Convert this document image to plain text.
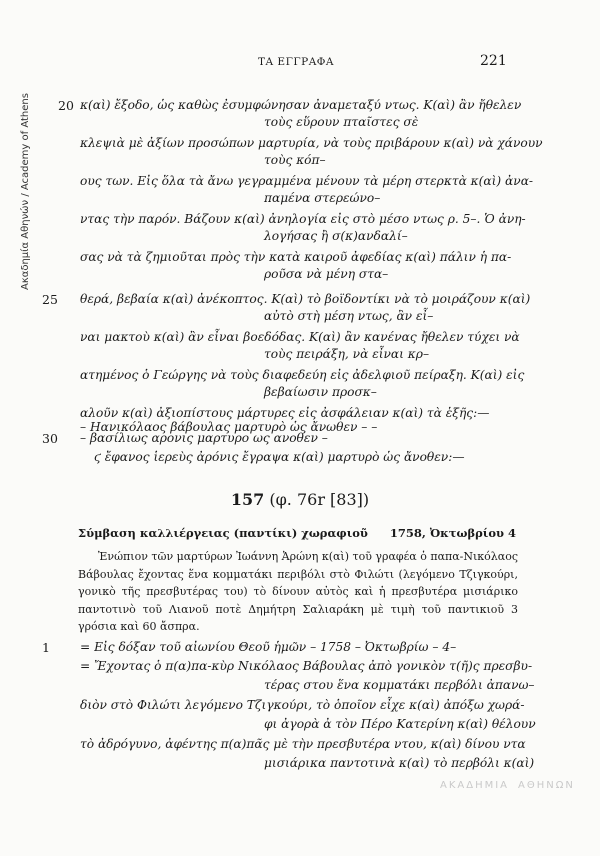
Ακαδημία Αθηνών / Academy of Athens
ΤΑ ΕΓΓΡΑΦΑ	221
20
25
30
κ(αὶ) ἔξοδο, ὡς καθὼς ἐσυμφώνησαν ἀναμεταξύ ντως. Κ(αὶ) ἂν ἤθελεν
τοὺς εὕρουν πταῖστες σὲ
κλεψιὰ μὲ ἀξίων προσώπων μαρτυρία, νὰ τοὺς πριβάρουν κ(αὶ) νὰ χάνουν
τοὺς κόπ–
ους των. Εἰς ὅλα τὰ ἄνω γεγραμμένα μένουν τὰ μέρη στερκτὰ κ(αὶ) ἀνα-
παμένα στερεώνο–
ντας τὴν παρόν. Βάζουν κ(αὶ) ἀνηλογία εἰς στὸ μέσο ντως ρ. 5–. Ὁ ἀνη-
λογήσας ἢ σ(κ)ανδαλί–
σας νὰ τὰ ζημιοῦται πρὸς τὴν κατὰ καιροῦ ἀφεδίας κ(αὶ) πάλιν ἡ πα-
ροῦσα νὰ μένη στα–
θερά, βεβαία κ(αὶ) ἀνέκοπτος. Κ(αὶ) τὸ βοϊδοντίκι νὰ τὸ μοιράζουν κ(αὶ)
αὐτὸ στὴ μέση ντως, ἂν εἶ–
ναι μακτοὺ κ(αὶ) ἂν εἶναι βοεδόδας. Κ(αὶ) ἂν κανένας ἤθελεν τύχει νὰ
τοὺς πειράξη, νὰ εἶναι κρ–
ατημένος ὁ Γεώργης νὰ τοὺς διαφεδεύη εἰς ἀδελφιοῦ πείραξη. Κ(αὶ) εἰς
βεβαίωσιν προσκ–
αλοῦν κ(αὶ) ἀξιοπίστους μάρτυρες εἰς ἀσφάλειαν κ(αὶ) τὰ ἑξῆς:—
– Ηανικόλαος βάβουλας μαρτυρὸ ὡς ἄνωθεν – –
– βασίλιως αρονις μαρτυρο ως ανοθεν –
ϛ ἔφανος ἱερεὺς ἀρόνις ἔγραψα κ(αὶ) μαρτυρὸ ὡς ἄνοθεν:—
157 (φ. 76r [83])
Σύμβαση καλλιέργειας (παντίκι) χωραφιοῦ 1758, Ὀκτωβρίου 4
Ἐνώπιον τῶν μαρτύρων Ἰωάννη Ἀρώνη κ(αὶ) τοῦ γραφέα ὁ παπα-Νικόλαος Βάβουλας ἔχοντας ἕνα κομματάκι περιβόλι στὸ Φιλώτι (λεγόμενο Τζιγκούρι, γονικὸ τῆς πρεσβυτέρας του) τὸ δίνουν αὐτὸς καὶ ἡ πρεσβυτέρα μισιάρικο παντοτινὸ τοῦ Λιανοῦ ποτὲ Δημήτρη Σαλιαράκη μὲ τιμὴ τοῦ παντικιοῦ 3 γρόσια καὶ 60 ἄσπρα.
1 = Εἰς δόξαν τοῦ αἰωνίου Θεοῦ ἡμῶν – 1758 – Ὀκτωβρίω – 4–
= Ἔχοντας ὁ π(α)πα-κὺρ Νικόλαος Βάβουλας ἀπὸ γονικὸν τ(ῆ)ς πρεσβυ-
τέρας στου ἕνα κομματάκι περβόλι ἀπανω–
διὸν στὸ Φιλώτι λεγόμενο Τζιγκούρι, τὸ ὁποῖον εἶχε κ(αὶ) ἀπόξω χωρά-
φι ἀγορὰ ἀ τὸν Πέρο Κατερίνη κ(αὶ) θέλουν
τὸ ἀδρόγυνο, ἀφέντης π(α)πᾶς μὲ τὴν πρεσβυτέρα ντου, κ(αὶ) δίνου ντα
μισιάρικα παντοτινὰ κ(αὶ) τὸ περβόλι κ(αὶ)
ΑΚΑΔΗΜΙΑ ΑΘΗΝΩΝ
